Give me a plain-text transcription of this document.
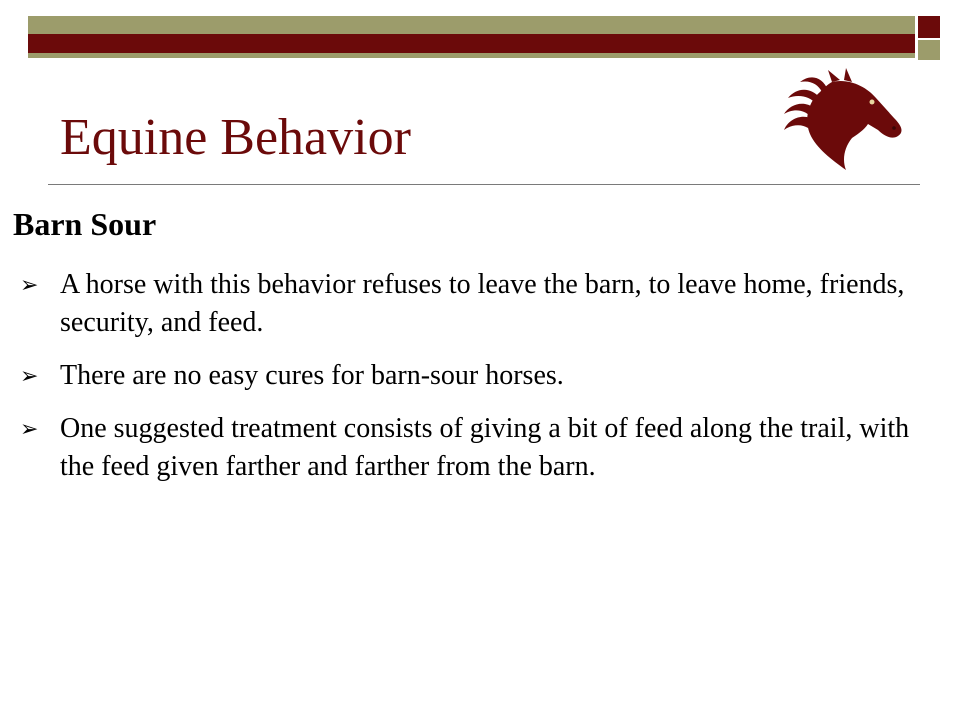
Equine Behavior
Barn Sour
➢ A horse with this behavior refuses to leave the barn, to leave home, friends, security, and feed.
➢ There are no easy cures for barn-sour horses.
➢ One suggested treatment consists of giving a bit of feed along the trail, with the feed given farther and farther from the barn.
